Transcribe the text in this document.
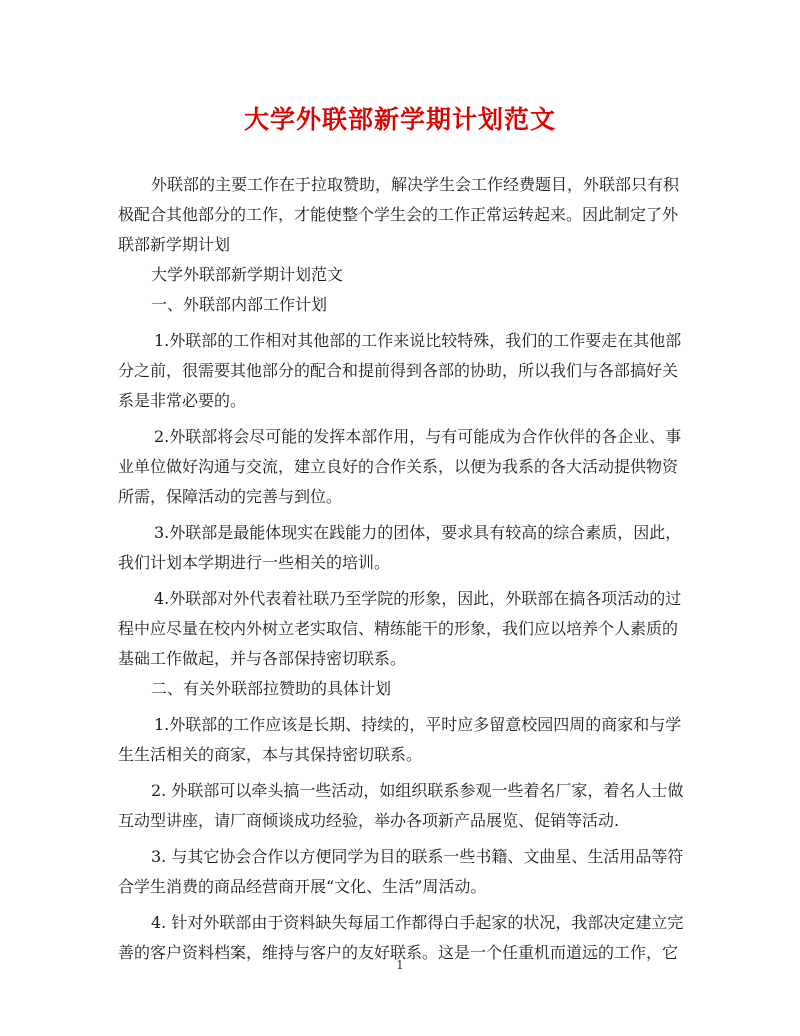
大学外联部新学期计划范文

外联部的主要工作在于拉取赞助，解决学生会工作经费题目，外联部只有积极配合其他部分的工作，才能使整个学生会的工作正常运转起来。因此制定了外联部新学期计划

大学外联部新学期计划范文

一、外联部内部工作计划

1.外联部的工作相对其他部的工作来说比较特殊，我们的工作要走在其他部分之前，很需要其他部分的配合和提前得到各部的协助，所以我们与各部搞好关系是非常必要的。

2.外联部将会尽可能的发挥本部作用，与有可能成为合作伙伴的各企业、事业单位做好沟通与交流，建立良好的合作关系，以便为我系的各大活动提供物资所需，保障活动的完善与到位。

3.外联部是最能体现实在践能力的团体，要求具有较高的综合素质，因此，我们计划本学期进行一些相关的培训。

4.外联部对外代表着社联乃至学院的形象，因此，外联部在搞各项活动的过程中应尽量在校内外树立老实取信、精练能干的形象，我们应以培养个人素质的基础工作做起，并与各部保持密切联系。

二、有关外联部拉赞助的具体计划

1.外联部的工作应该是长期、持续的，平时应多留意校园四周的商家和与学生生活相关的商家，本与其保持密切联系。

2. 外联部可以牵头搞一些活动，如组织联系参观一些着名厂家，着名人士做互动型讲座，请厂商倾谈成功经验，举办各项新产品展览、促销等活动.

3. 与其它协会合作以方便同学为目的联系一些书籍、文曲星、生活用品等符合学生消费的商品经营商开展“文化、生活”周活动。

4. 针对外联部由于资料缺失每届工作都得白手起家的状况，我部决定建立完善的客户资料档案，维持与客户的友好联系。这是一个任重机而道远的工作，它

1
